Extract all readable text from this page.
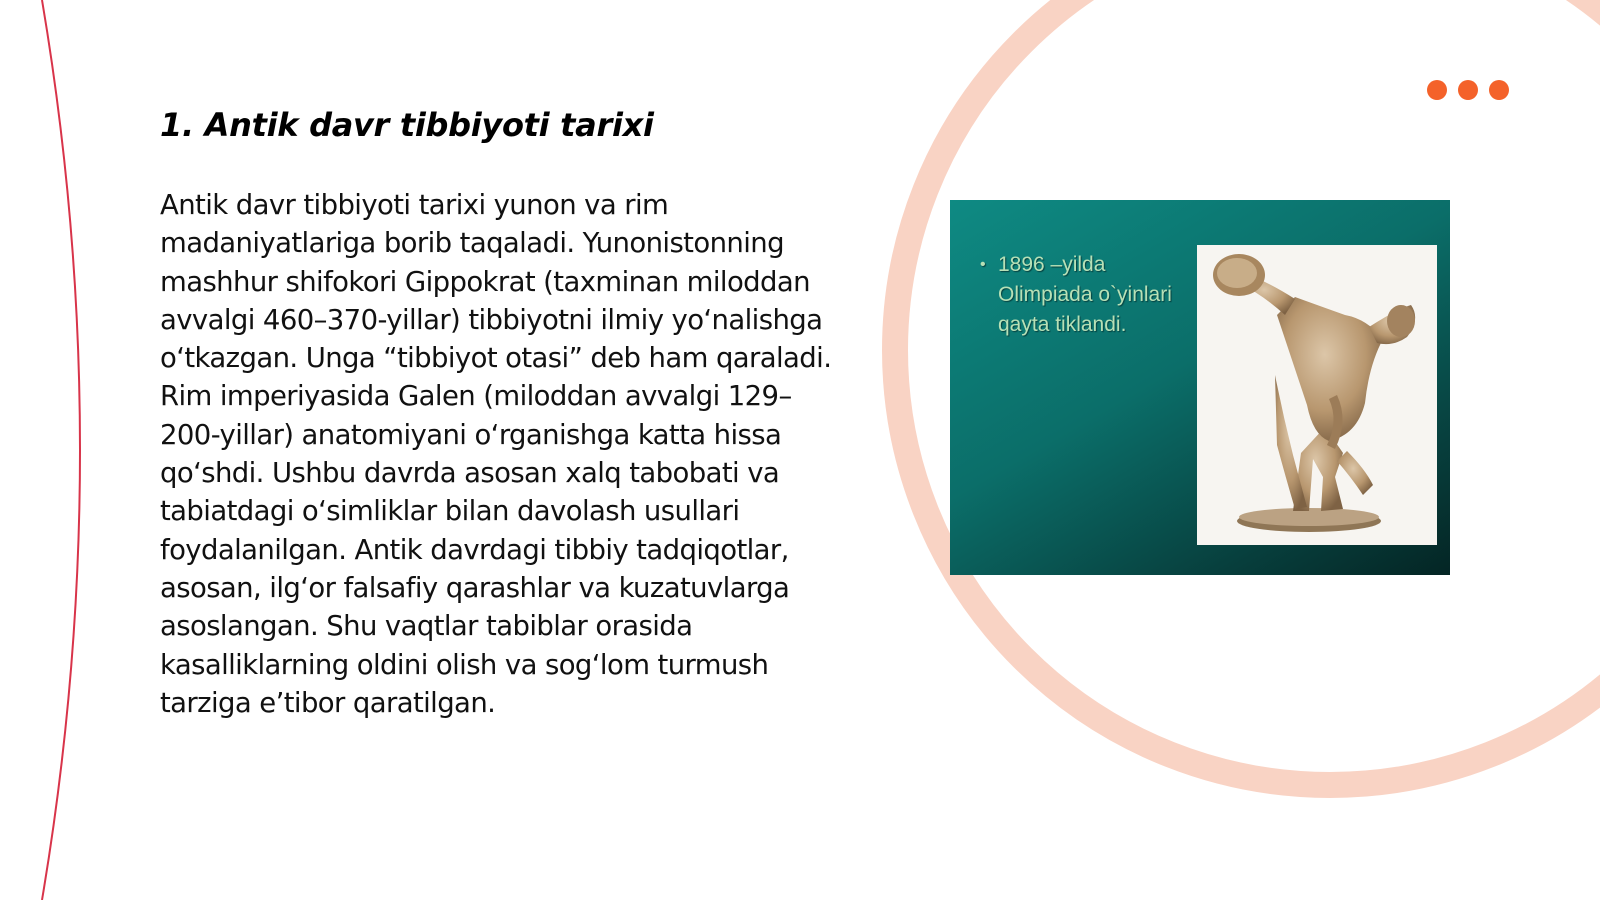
1. Antik davr tibbiyoti tarixi

Antik davr tibbiyoti tarixi yunon va rim madaniyatlariga borib taqaladi. Yunonistonning mashhur shifokori Gippokrat (taxminan miloddan avvalgi 460–370-yillar) tibbiyotni ilmiy yo‘nalishga o‘tkazgan. Unga “tibbiyot otasi” deb ham qaraladi. Rim imperiyasida Galen (miloddan avvalgi 129–200-yillar) anatomiyani o‘rganishga katta hissa qo‘shdi. Ushbu davrda asosan xalq tabobati va tabiatdagi o‘simliklar bilan davolash usullari foydalanilgan. Antik davrdagi tibbiy tadqiqotlar, asosan, ilg‘or falsafiy qarashlar va kuzatuvlarga asoslangan. Shu vaqtlar tabiblar orasida kasalliklarning oldini olish va sog‘lom turmush tarziga e’tibor qaratilgan.

• 1896 –yilda Olimpiada o`yinlari qayta tiklandi.
